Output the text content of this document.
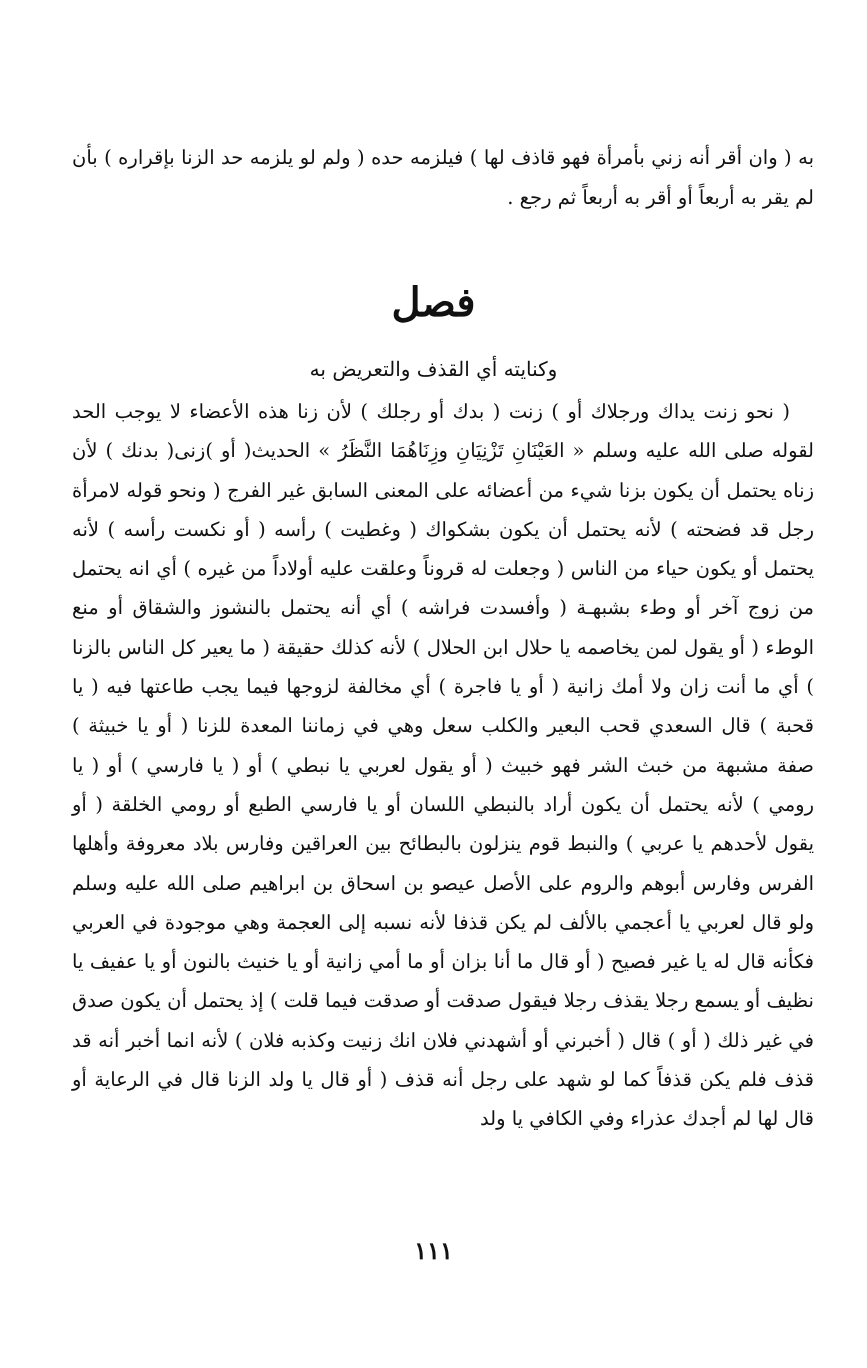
به ( وان أقر أنه زني بأمرأة فهو قاذف لها ) فيلزمه حده ( ولم لو يلزمه حد الزنا بإقراره ) بأن لم يقر به أربعاً أو أقر به أربعاً ثم رجع .

فصل
وكنايته أي القذف والتعريض به

( نحو زنت يداك ورجلاك أو ) زنت ( بدك أو رجلك ) لأن زنا هذه الأعضاء لا يوجب الحد لقوله صلى الله عليه وسلم « العَيْنَانِ تَزْنِيَانِ وزِنَاهُمَا النَّظَرُ » الحديث( أو )زنى( بدنك ) لأن زناه يحتمل أن يكون بزنا شيء من أعضائه على المعنى السابق غير الفرج ( ونحو قوله لامرأة رجل قد فضحته ) لأنه يحتمل أن يكون بشكواك ( وغطيت ) رأسه ( أو نكست رأسه ) لأنه يحتمل أو يكون حياء من الناس ( وجعلت له قروناً وعلقت عليه أولاداً من غيره ) أي انه يحتمل من زوج آخر أو وطء بشبهـة ( وأفسدت فراشه ) أي أنه يحتمل بالنشوز والشقاق أو منع الوطء ( أو يقول لمن يخاصمه يا حلال ابن الحلال ) لأنه كذلك حقيقة ( ما يعير كل الناس بالزنا ) أي ما أنت زان ولا أمك زانية ( أو يا فاجرة ) أي مخالفة لزوجها فيما يجب طاعتها فيه ( يا قحبة ) قال السعدي قحب البعير والكلب سعل وهي في زماننا المعدة للزنا ( أو يا خبيثة ) صفة مشبهة من خبث الشر فهو خبيث ( أو يقول لعربي يا نبطي ) أو ( يا فارسي ) أو ( يا رومي ) لأنه يحتمل أن يكون أراد بالنبطي اللسان أو يا فارسي الطبع أو رومي الخلقة ( أو يقول لأحدهم يا عربي ) والنبط قوم ينزلون بالبطائح بين العراقين وفارس بلاد معروفة وأهلها الفرس وفارس أبوهم والروم على الأصل عيصو بن اسحاق بن ابراهيم صلى الله عليه وسلم ولو قال لعربي يا أعجمي بالألف لم يكن قذفا لأنه نسبه إلى العجمة وهي موجودة في العربي فكأنه قال له يا غير فصيح ( أو قال ما أنا بزان أو ما أمي زانية أو يا خنيث بالنون أو يا عفيف يا نظيف أو يسمع رجلا يقذف رجلا فيقول صدقت أو صدقت فيما قلت ) إذ يحتمل أن يكون صدق في غير ذلك ( أو ) قال ( أخبرني أو أشهدني فلان انك زنيت وكذبه فلان ) لأنه انما أخبر أنه قد قذف فلم يكن قذفاً كما لو شهد على رجل أنه قذف ( أو قال يا ولد الزنا قال في الرعاية أو قال لها لم أجدك عذراء وفي الكافي يا ولد

١١١
